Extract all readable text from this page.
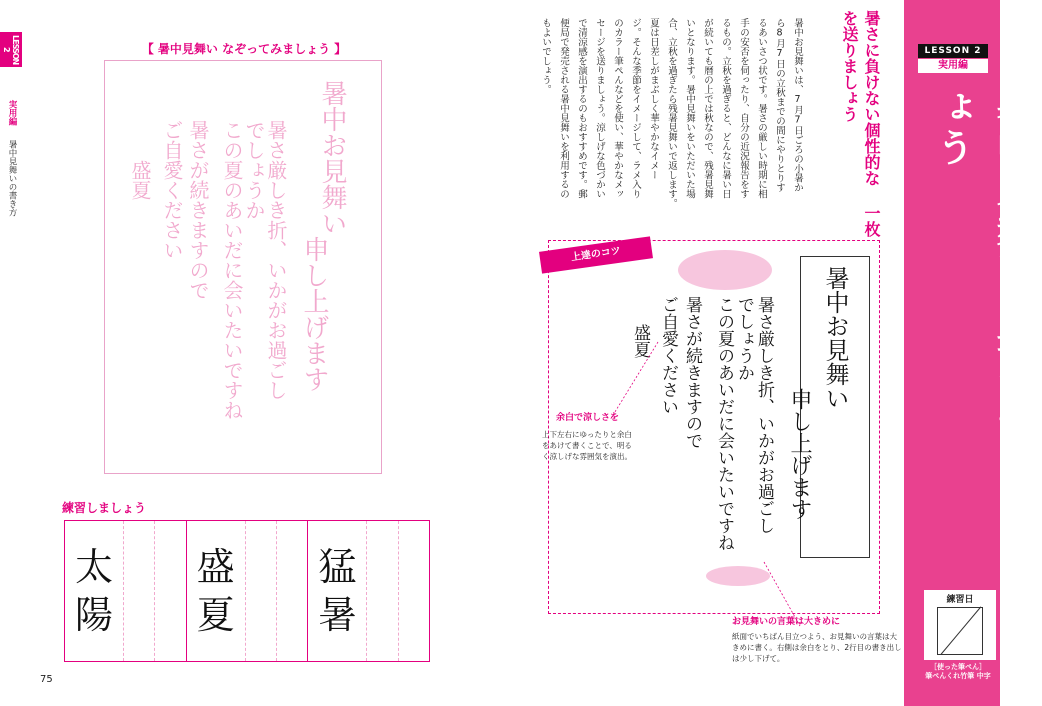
LESSON 2
実用編 暑中見舞いの書き方
【 暑中見舞い なぞってみましょう 】
暑中お見舞い
申し上げます
暑さ厳しき折、いかがお過ごし
でしょうか
この夏のあいだに会いたいですね
暑さが続きますので
ご自愛ください
盛夏
練習しましょう
太
陽
盛
夏
猛
暑
75
暑さに負けない個性的な 一枚を送りましょう
暑中お見舞いは、7月7日ごろの小暑か
ら8月7日の立秋までの間にやりとりす
るあいさつ状です。暑さの厳しい時期に相
手の安否を伺ったり、自分の近況報告をす
るもの。立秋を過ぎると、どんなに暑い日
が続いても暦の上では秋なので、残暑見舞
いとなります。暑中見舞いをいただいた場
合、立秋を過ぎたら残暑見舞いで返します。
夏は日差しがまぶしく華やかなイメー
ジ。そんな季節をイメージして、ラメ入り
のカラー筆ぺんなどを使い、華やかなメッ
セージを送りましょう。涼しげな色づかい
で清涼感を演出するのもおすすめです。郵
便局で発売される暑中見舞いを利用するの
もよいでしょう。	LESSON 2
実用編
暑中見舞いを書いてみましょう
練習日
［使った筆ぺん］
筆ぺんくれ竹筆 中字
上達のコツ
暑中お見舞い
申し上げます
暑さ厳しき折、いかがお過ごし
でしょうか
この夏のあいだに会いたいですね
暑さが続きますので
ご自愛ください
盛夏
余白で涼しさを
上下左右にゆったりと余白をあけて書くことで、明るく涼しげな雰囲気を演出。
お見舞いの言葉は大きめに
紙面でいちばん目立つよう、お見舞いの言葉は大きめに書く。右側は余白をとり、2行目の書き出しは少し下げて。
